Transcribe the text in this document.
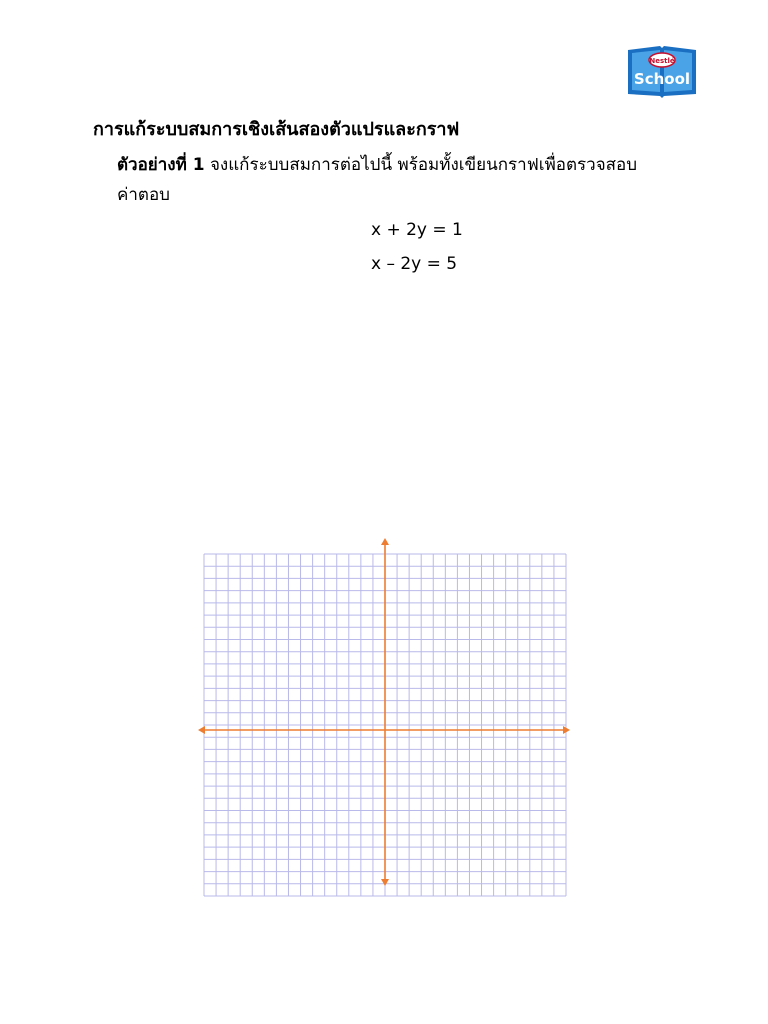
Nestlé
School
การแก้ระบบสมการเชิงเส้นสองตัวแปรและกราฟ
ตัวอย่างที่ 1 จงแก้ระบบสมการต่อไปนี้ พร้อมทั้งเขียนกราฟเพื่อตรวจสอบค่าตอบ
x + 2y = 1
x – 2y = 5
